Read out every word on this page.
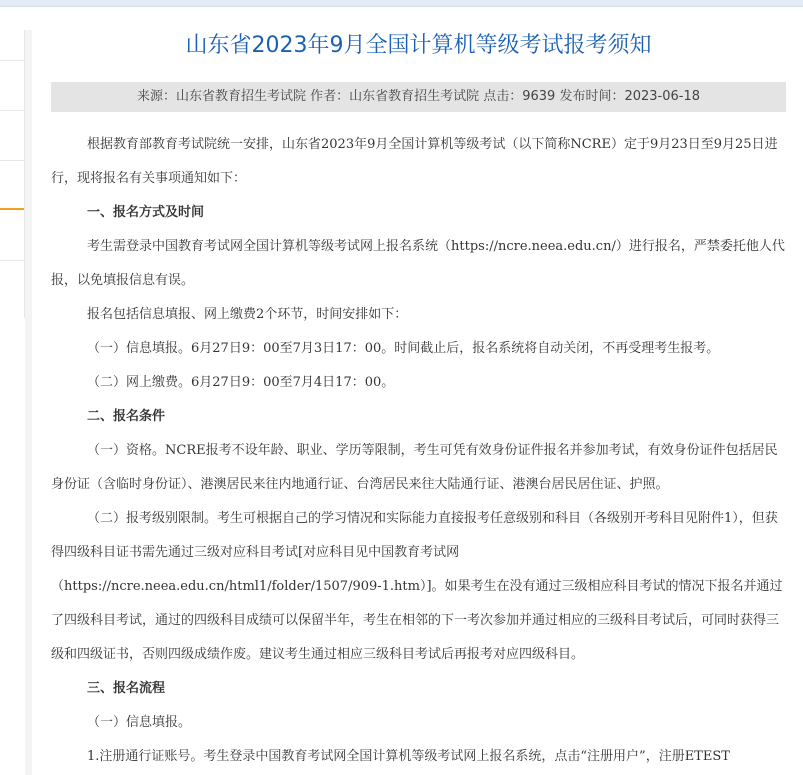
山东省2023年9月全国计算机等级考试报考须知
来源：山东省教育招生考试院 作者：山东省教育招生考试院 点击：9639 发布时间：2023-06-18

根据教育部教育考试院统一安排，山东省2023年9月全国计算机等级考试（以下简称NCRE）定于9月23日至9月25日进行，现将报名有关事项通知如下：

一、报名方式及时间

考生需登录中国教育考试网全国计算机等级考试网上报名系统（https://ncre.neea.edu.cn/）进行报名，严禁委托他人代报，以免填报信息有误。

报名包括信息填报、网上缴费2个环节，时间安排如下：

（一）信息填报。6月27日9：00至7月3日17：00。时间截止后，报名系统将自动关闭，不再受理考生报考。

（二）网上缴费。6月27日9：00至7月4日17：00。

二、报名条件

（一）资格。NCRE报考不设年龄、职业、学历等限制，考生可凭有效身份证件报名并参加考试，有效身份证件包括居民身份证（含临时身份证）、港澳居民来往内地通行证、台湾居民来往大陆通行证、港澳台居民居住证、护照。

（二）报考级别限制。考生可根据自己的学习情况和实际能力直接报考任意级别和科目（各级别开考科目见附件1），但获得四级科目证书需先通过三级对应科目考试[对应科目见中国教育考试网

（https://ncre.neea.edu.cn/html1/folder/1507/909-1.htm）]。如果考生在没有通过三级相应科目考试的情况下报名并通过了四级科目考试，通过的四级科目成绩可以保留半年，考生在相邻的下一考次参加并通过相应的三级科目考试后，可同时获得三级和四级证书，否则四级成绩作废。建议考生通过相应三级科目考试后再报考对应四级科目。

三、报名流程

（一）信息填报。

1.注册通行证账号。考生登录中国教育考试网全国计算机等级考试网上报名系统，点击“注册用户”，注册ETEST
